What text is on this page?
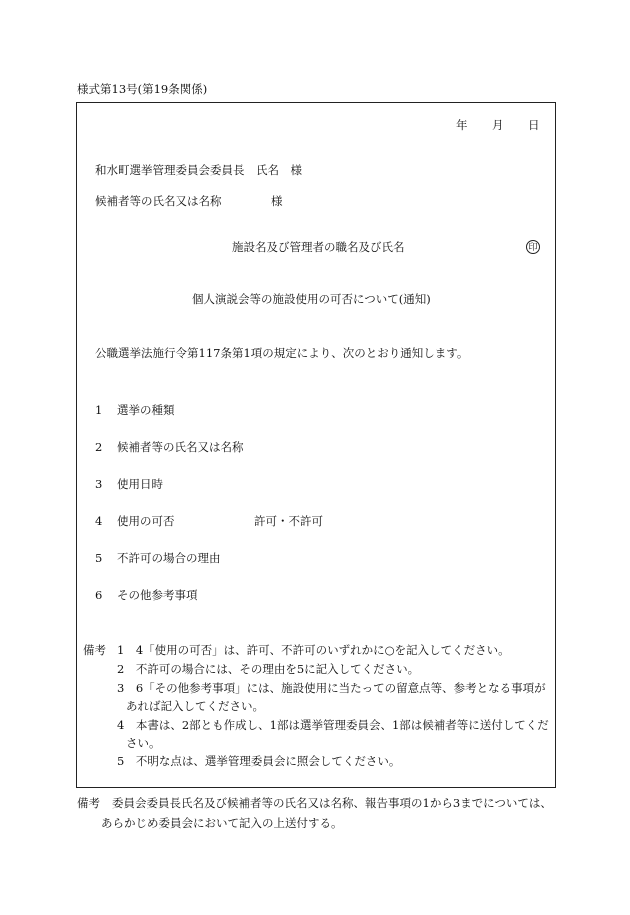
様式第13号(第19条関係)
年 月 日
和水町選挙管理委員会委員長　氏名　様
候補者等の氏名又は名称	様
施設名及び管理者の職名及び氏名	印
個人演説会等の施設使用の可否について(通知)
公職選挙法施行令第117条第1項の規定により、次のとおり通知します。
1 選挙の種類
2 候補者等の氏名又は名称
3 使用日時
4 使用の可否	許可・不許可
5 不許可の場合の理由
6 その他参考事項
備考 1　4「使用の可否」は、許可、不許可のいずれかに○を記入してください。
2　不許可の場合には、その理由を5に記入してください。
3　6「その他参考事項」には、施設使用に当たっての留意点等、参考となる事項が
あれば記入してください。
4　本書は、2部とも作成し、1部は選挙管理委員会、1部は候補者等に送付してくだ
さい。
5　不明な点は、選挙管理委員会に照会してください。
備考 委員会委員長氏名及び候補者等の氏名又は名称、報告事項の1から3までについては、
あらかじめ委員会において記入の上送付する。
